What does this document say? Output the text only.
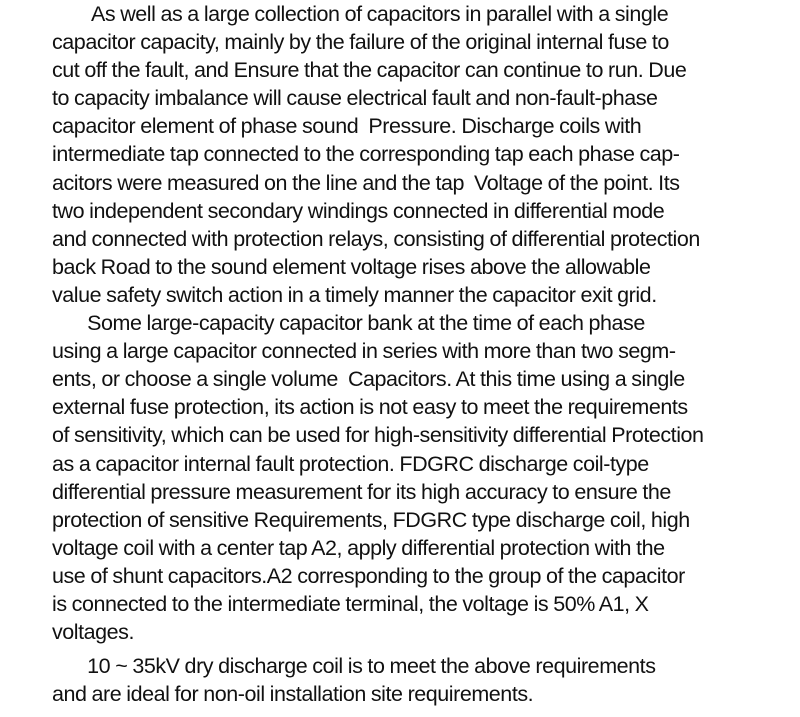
As well as a large collection of capacitors in parallel with a single
capacitor capacity, mainly by the failure of the original internal fuse to
cut off the fault, and Ensure that the capacitor can continue to run. Due
to capacity imbalance will cause electrical fault and non-fault-phase
capacitor element of phase sound  Pressure. Discharge coils with
intermediate tap connected to the corresponding tap each phase cap-
acitors were measured on the line and the tap  Voltage of the point. Its
two independent secondary windings connected in differential mode
and connected with protection relays, consisting of differential protection
back Road to the sound element voltage rises above the allowable
value safety switch action in a timely manner the capacitor exit grid.
Some large-capacity capacitor bank at the time of each phase
using a large capacitor connected in series with more than two segm-
ents, or choose a single volume  Capacitors. At this time using a single
external fuse protection, its action is not easy to meet the requirements
of sensitivity, which can be used for high-sensitivity differential Protection
as a capacitor internal fault protection. FDGRC discharge coil-type
differential pressure measurement for its high accuracy to ensure the
protection of sensitive Requirements, FDGRC type discharge coil, high
voltage coil with a center tap A2, apply differential protection with the
use of shunt capacitors.A2 corresponding to the group of the capacitor
is connected to the intermediate terminal, the voltage is 50% A1, X
voltages.
10 ~ 35kV dry discharge coil is to meet the above requirements
and are ideal for non-oil installation site requirements.
